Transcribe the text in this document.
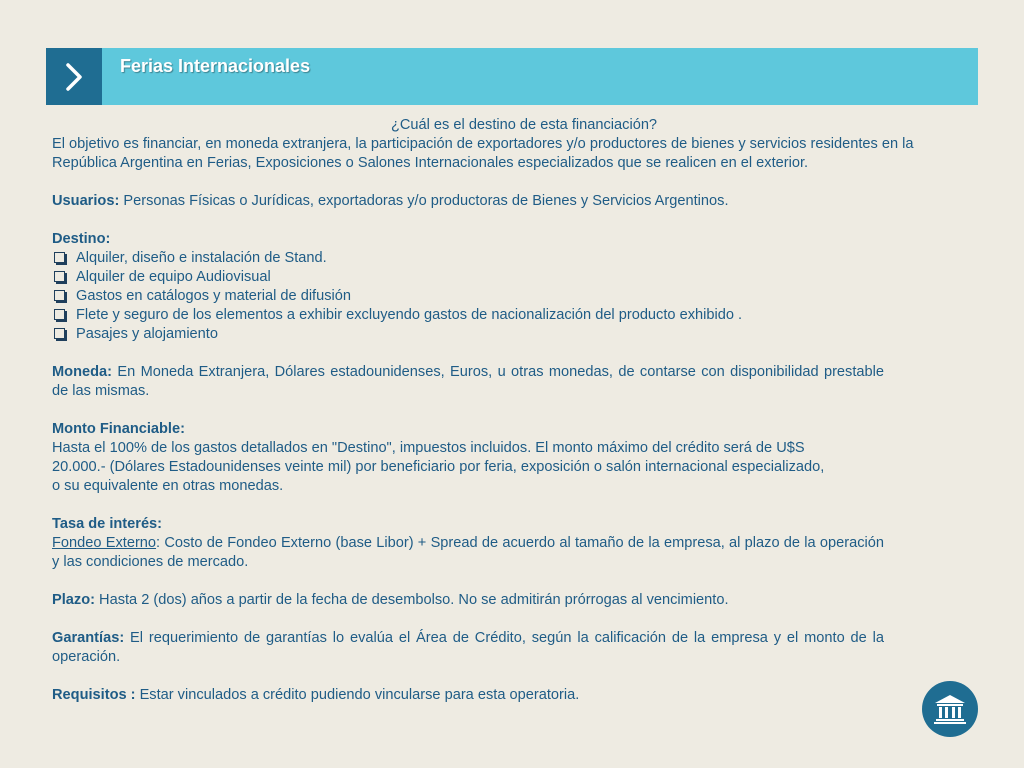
Ferias Internacionales
¿Cuál es el destino de esta financiación?
El objetivo es financiar, en moneda extranjera, la participación de exportadores y/o productores de bienes y servicios residentes en la República Argentina en Ferias, Exposiciones o Salones Internacionales especializados que se realicen en el exterior.
Usuarios: Personas Físicas o Jurídicas, exportadoras y/o productoras de Bienes y Servicios Argentinos.
Destino:
Alquiler, diseño e instalación de Stand.
Alquiler de equipo Audiovisual
Gastos en catálogos y material de difusión
Flete y seguro de los elementos a exhibir excluyendo gastos de nacionalización del producto exhibido .
Pasajes y alojamiento
Moneda: En Moneda Extranjera, Dólares estadounidenses, Euros, u otras monedas, de contarse con disponibilidad prestable de las mismas.
Monto Financiable:
Hasta el 100% de los gastos detallados en "Destino", impuestos incluidos. El monto máximo del crédito será de U$S
20.000.- (Dólares Estadounidenses veinte mil) por beneficiario por feria, exposición o salón internacional especializado,
o su equivalente en otras monedas.
Tasa de interés:
Fondeo Externo: Costo de Fondeo Externo (base Libor) + Spread de acuerdo al tamaño de la empresa, al plazo de la operación y las condiciones de mercado.
Plazo: Hasta 2 (dos) años a partir de la fecha de desembolso. No se admitirán prórrogas al vencimiento.
Garantías: El requerimiento de garantías lo evalúa el Área de Crédito, según la calificación de la empresa y el monto de la operación.
Requisitos : Estar vinculados a crédito pudiendo vincularse para esta operatoria.
